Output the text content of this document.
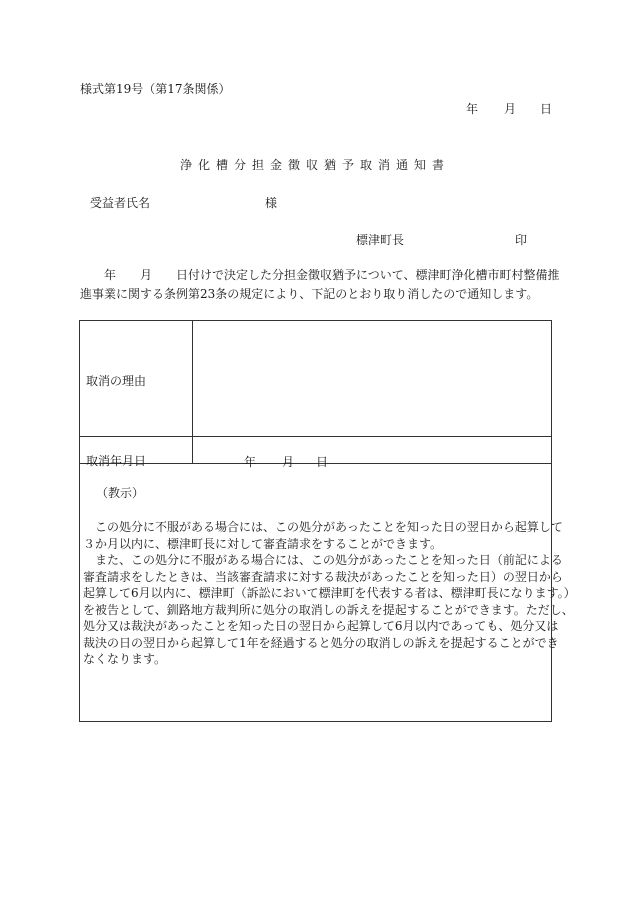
様式第19号（第17条関係）
年 月 日
浄化槽分担金徴収猶予取消通知書
受益者氏名	様
標津町長	印
年 月 日付けで決定した分担金徴収猶予について、標津町浄化槽市町村整備推
進事業に関する条例第23条の規定により、下記のとおり取り消したので通知します。
取消の理由
取消年月日	年 月 日
（教示）
　この処分に不服がある場合には、この処分があったことを知った日の翌日から起算して
３か月以内に、標津町長に対して審査請求をすることができます。
　また、この処分に不服がある場合には、この処分があったことを知った日（前記による
審査請求をしたときは、当該審査請求に対する裁決があったことを知った日）の翌日から
起算して6月以内に、標津町（訴訟において標津町を代表する者は、標津町長になります。）
を被告として、釧路地方裁判所に処分の取消しの訴えを提起することができます。ただし、
処分又は裁決があったことを知った日の翌日から起算して6月以内であっても、処分又は
裁決の日の翌日から起算して1年を経過すると処分の取消しの訴えを提起することができ
なくなります。
